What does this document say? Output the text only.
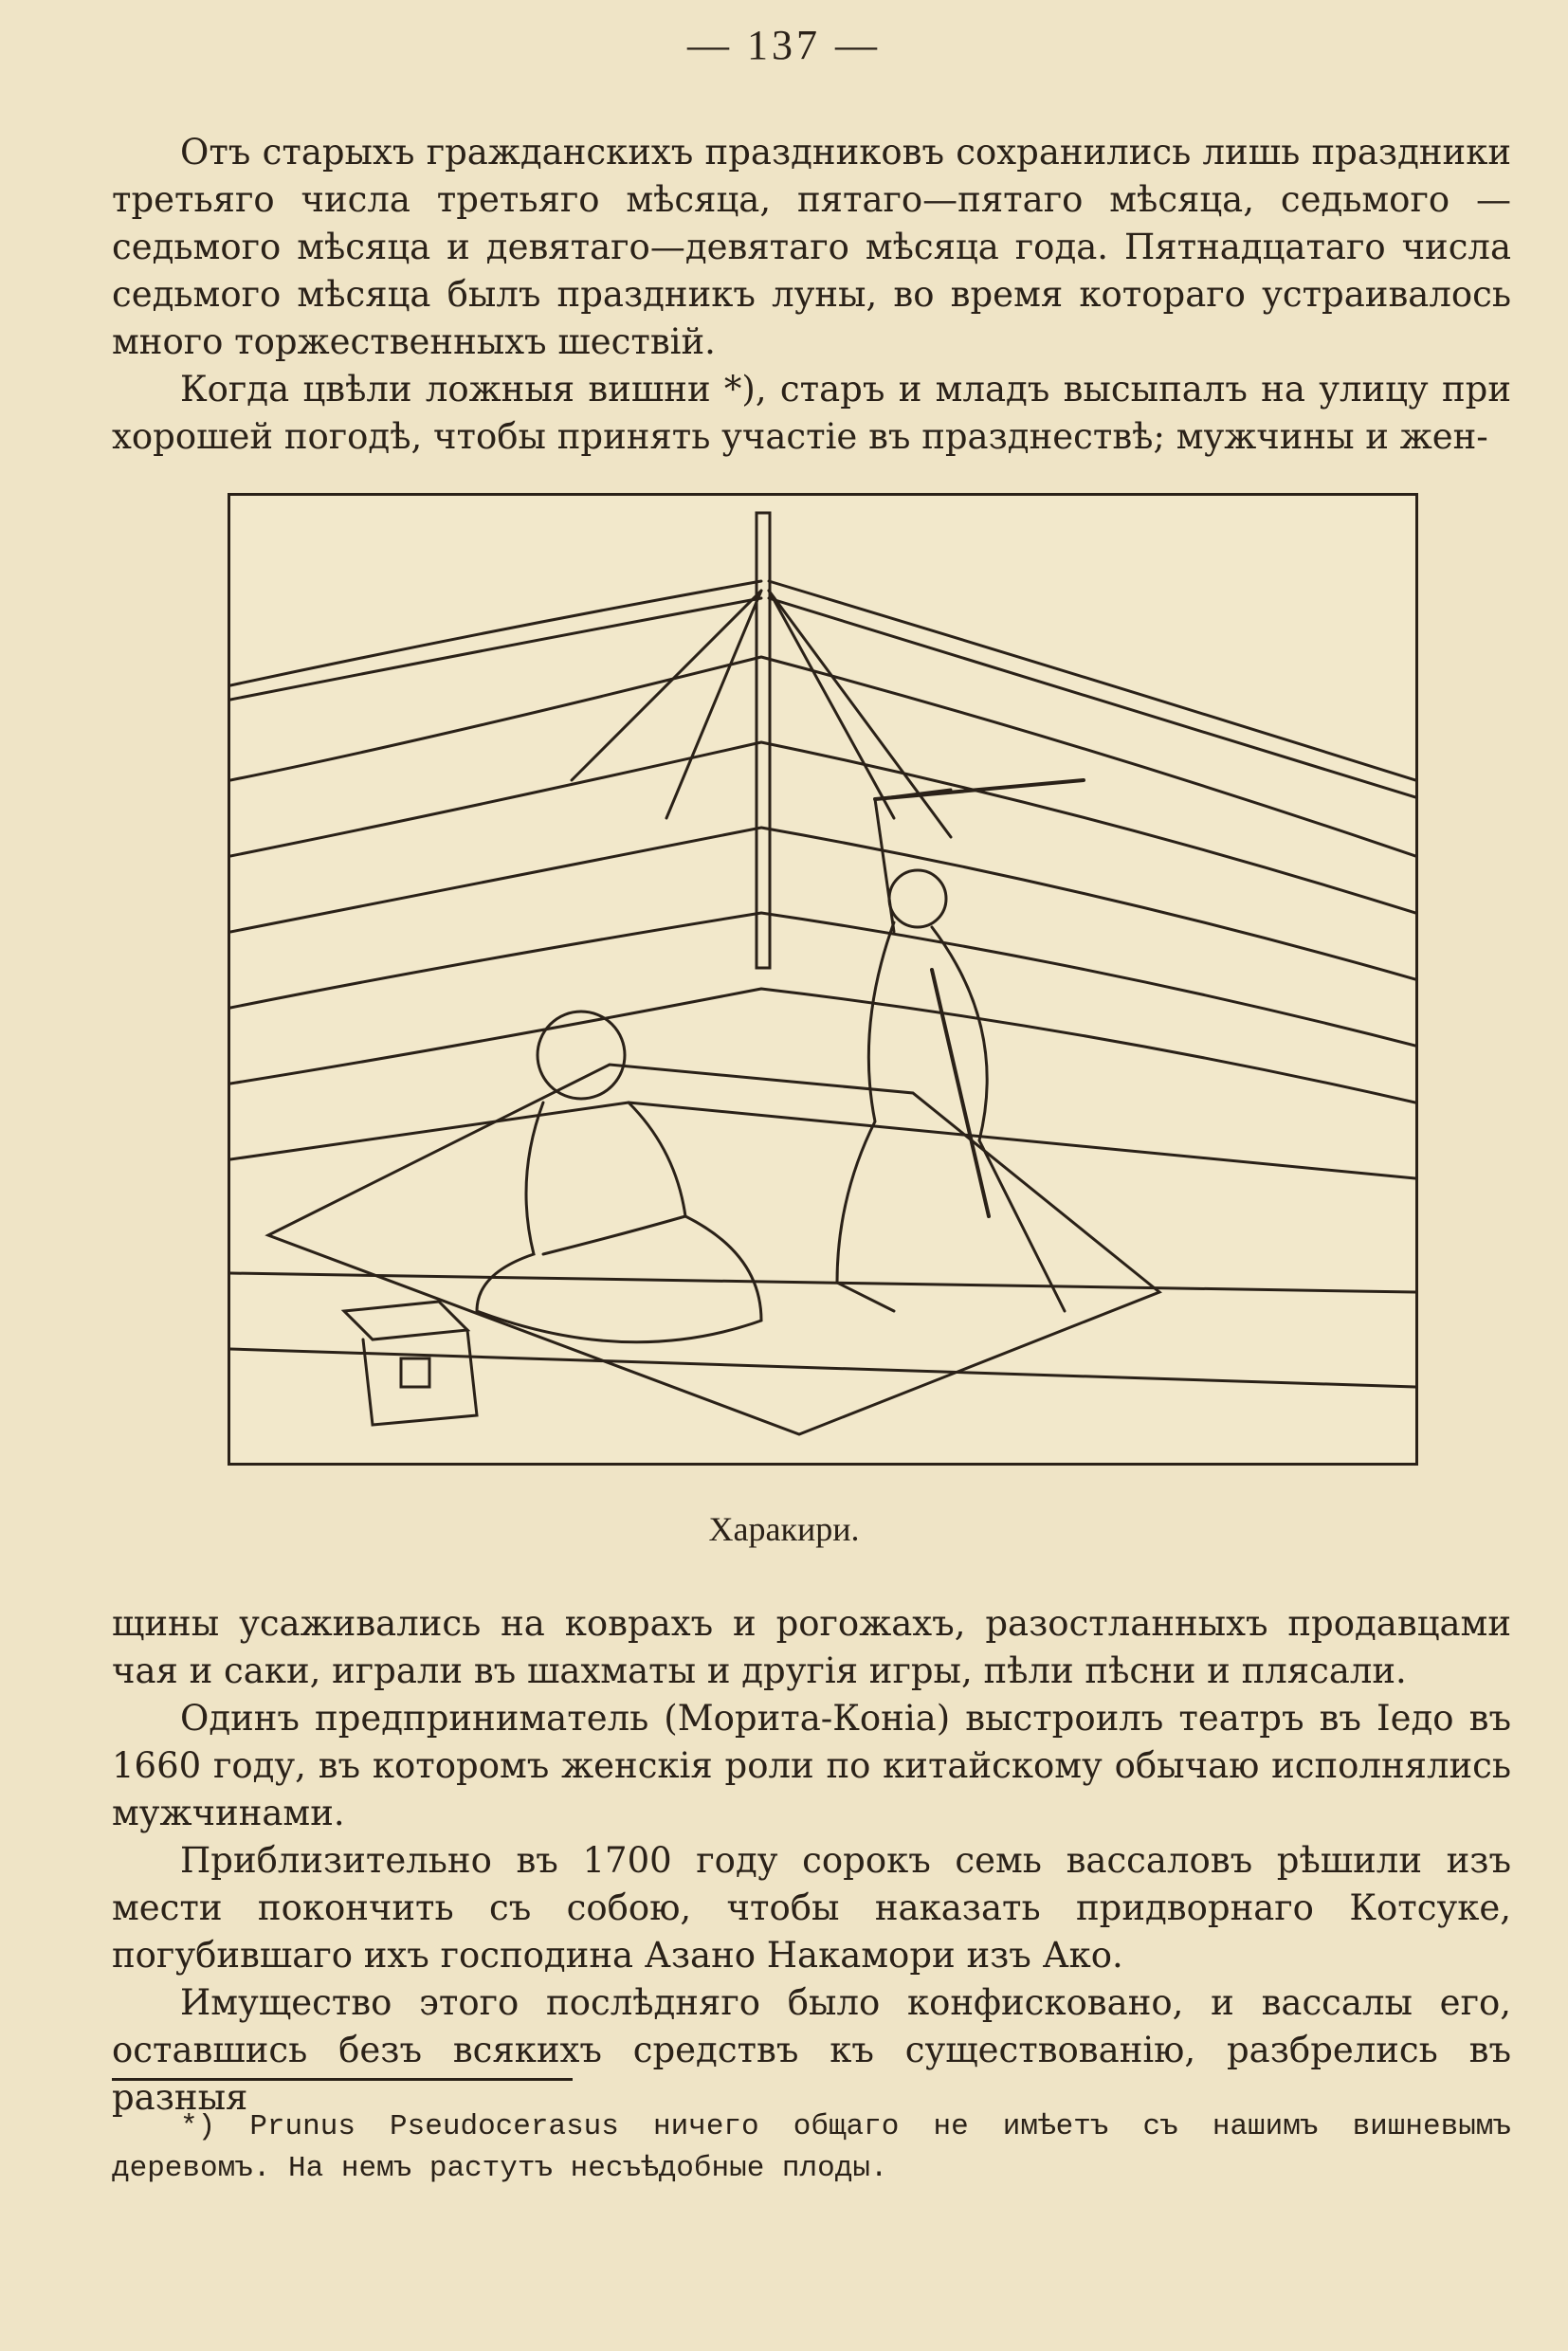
— 137 —

Отъ старыхъ гражданскихъ праздниковъ сохранились лишь праздники третьяго числа третьяго мѣсяца, пятаго—пятаго мѣсяца, седьмого — седьмого мѣсяца и девятаго—девятаго мѣсяца года. Пятнадцатаго числа седьмого мѣсяца былъ праздникъ луны, во время котораго устраивалось много торжественныхъ шествій.

Когда цвѣли ложныя вишни *), старъ и младъ высыпалъ на улицу при хорошей погодѣ, чтобы принять участіе въ празднествѣ; мужчины и жен-

Харакири.

щины усаживались на коврахъ и рогожахъ, разостланныхъ продавцами чая и саки, играли въ шахматы и другія игры, пѣли пѣсни и плясали.

Одинъ предприниматель (Морита-Коніа) выстроилъ театръ въ Іедо въ 1660 году, въ которомъ женскія роли по китайскому обычаю исполнялись мужчинами.

Приблизительно въ 1700 году сорокъ семь вассаловъ рѣшили изъ мести покончить съ собою, чтобы наказать придворнаго Котсуке, погубившаго ихъ господина Азано Накамори изъ Ако.

Имущество этого послѣдняго было конфисковано, и вассалы его, оставшись безъ всякихъ средствъ къ существованію, разбрелись въ разныя

*) Prunus Pseudocerasus ничего общаго не имѣетъ съ нашимъ вишневымъ деревомъ. На немъ растутъ несъѣдобные плоды.
